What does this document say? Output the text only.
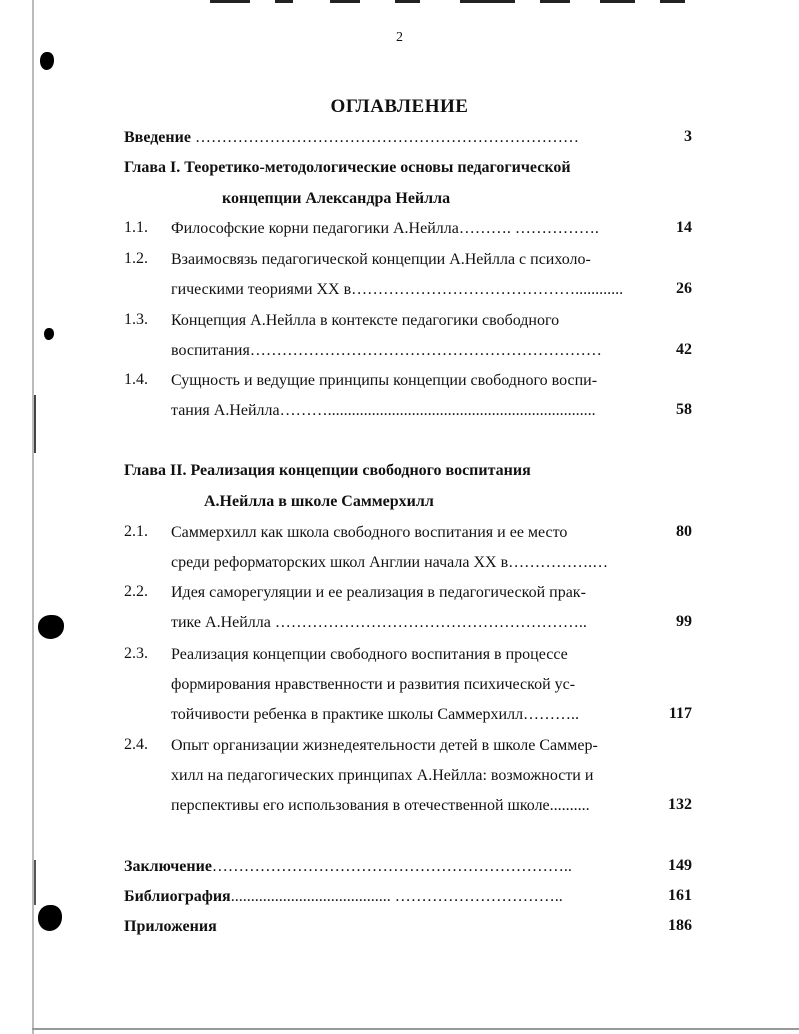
2
ОГЛАВЛЕНИЕ
Введение ………………………………………………………………	3
Глава I. Теоретико-методологические основы педагогической
концепции Александра Нейлла
1.1. Философские корни педагогики А.Нейлла………. …………….	14
1.2. Взаимосвязь педагогической концепции А.Нейлла с психоло-
гическими теориями XX в……………………………………............	26
1.3. Концепция А.Нейлла в контексте педагогики свободного
воспитания…………………………………………………………	42
1.4. Сущность и ведущие принципы концепции свободного воспи-
тания А.Нейлла………...................................................................	58
Глава II. Реализация концепции свободного воспитания
А.Нейлла в школе Саммерхилл
2.1. Саммерхилл как школа свободного воспитания и ее место	80
среди реформаторских школ Англии начала XX в…………….…
2.2. Идея саморегуляции и ее реализация в педагогической прак-
тике А.Нейлла …………………………………………………..	99
2.3. Реализация концепции свободного воспитания в процессе
формирования нравственности и развития психической ус-
тойчивости ребенка в практике школы Саммерхилл………..	117
2.4. Опыт организации жизнедеятельности детей в школе Саммер-
хилл на педагогических принципах А.Нейлла: возможности и
перспективы его использования в отечественной школе..........	132
Заключение…………………………………………………………..	149
Библиография........................................ …………………………..	161
Приложения	186
